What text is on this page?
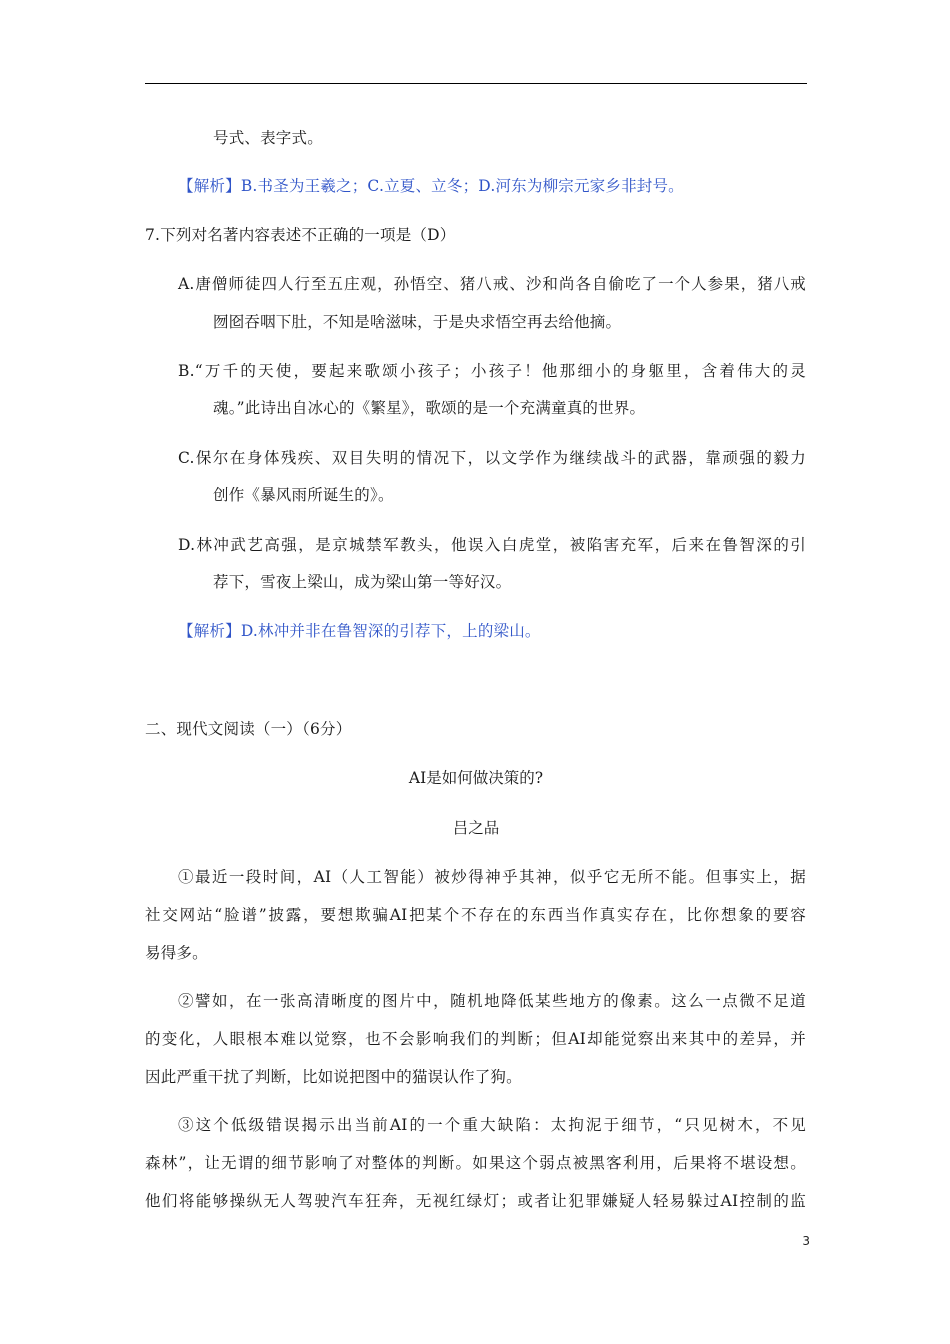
号式、表字式。
【解析】B.书圣为王羲之；C.立夏、立冬；D.河东为柳宗元家乡非封号。
7.下列对名著内容表述不正确的一项是（D）
A.唐僧师徒四人行至五庄观，孙悟空、猪八戒、沙和尚各自偷吃了一个人参果，猪八戒
囫囵吞咽下肚，不知是啥滋味，于是央求悟空再去给他摘。
B.“万千的天使，要起来歌颂小孩子；小孩子！他那细小的身躯里，含着伟大的灵
魂。”此诗出自冰心的《繁星》，歌颂的是一个充满童真的世界。
C.保尔在身体残疾、双目失明的情况下，以文学作为继续战斗的武器，靠顽强的毅力
创作《暴风雨所诞生的》。
D.林冲武艺高强，是京城禁军教头，他误入白虎堂，被陷害充军，后来在鲁智深的引
荐下，雪夜上梁山，成为梁山第一等好汉。
【解析】D.林冲并非在鲁智深的引荐下，上的梁山。
二、现代文阅读（一）（6分）
AI是如何做决策的?
吕之品
①最近一段时间，AI（人工智能）被炒得神乎其神，似乎它无所不能。但事实上，据
社交网站“脸谱”披露，要想欺骗AI把某个不存在的东西当作真实存在，比你想象的要容
易得多。
②譬如，在一张高清晰度的图片中，随机地降低某些地方的像素。这么一点微不足道
的变化，人眼根本难以觉察，也不会影响我们的判断；但AI却能觉察出来其中的差异，并
因此严重干扰了判断，比如说把图中的猫误认作了狗。
③这个低级错误揭示出当前AI的一个重大缺陷：太拘泥于细节，“只见树木，不见
森林”，让无谓的细节影响了对整体的判断。如果这个弱点被黑客利用，后果将不堪设想。
他们将能够操纵无人驾驶汽车狂奔，无视红绿灯；或者让犯罪嫌疑人轻易躲过AI控制的监
3
